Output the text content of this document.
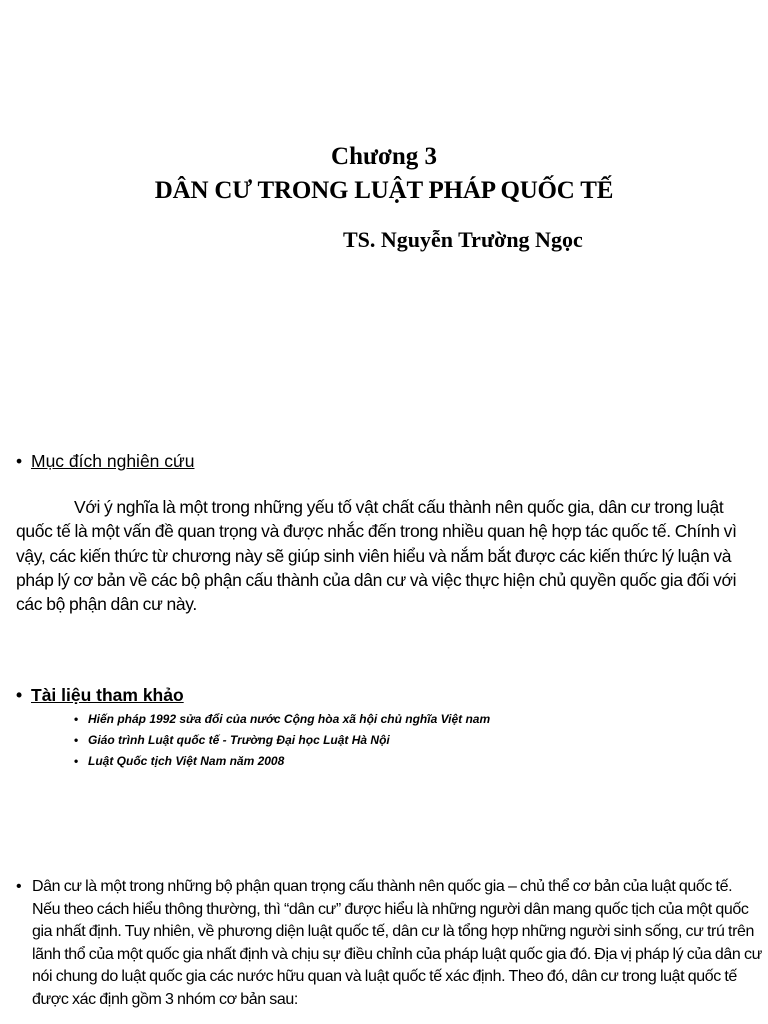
Chương 3
DÂN CƯ TRONG LUẬT PHÁP QUỐC TẾ
TS. Nguyễn Trường Ngọc
• Mục đích nghiên cứu
Với ý nghĩa là một trong những yếu tố vật chất cấu thành nên quốc gia, dân cư trong luật quốc tế là một vấn đề quan trọng và được nhắc đến trong nhiều quan hệ hợp tác quốc tế. Chính vì vậy, các kiến thức từ chương này sẽ giúp sinh viên hiểu và nắm bắt được các kiến thức lý luận và pháp lý cơ bản về các bộ phận cấu thành của dân cư và việc thực hiện chủ quyền quốc gia đối với các bộ phận dân cư này.
• Tài liệu tham khảo
• Hiến pháp 1992 sửa đổi của nước Cộng hòa xã hội chủ nghĩa Việt nam
• Giáo trình Luật quốc tế - Trường Đại học Luật Hà Nội
• Luật Quốc tịch Việt Nam năm 2008
• Dân cư là một trong những bộ phận quan trọng cấu thành nên quốc gia – chủ thể cơ bản của luật quốc tế. Nếu theo cách hiểu thông thường, thì “dân cư” được hiểu là những người dân mang quốc tịch của một quốc gia nhất định. Tuy nhiên, về phương diện luật quốc tế, dân cư là tổng hợp những người sinh sống, cư trú trên lãnh thổ của một quốc gia nhất định và chịu sự điều chỉnh của pháp luật quốc gia đó. Địa vị pháp lý của dân cư nói chung do luật quốc gia các nước hữu quan và luật quốc tế xác định. Theo đó, dân cư trong luật quốc tế được xác định gồm 3 nhóm cơ bản sau:
